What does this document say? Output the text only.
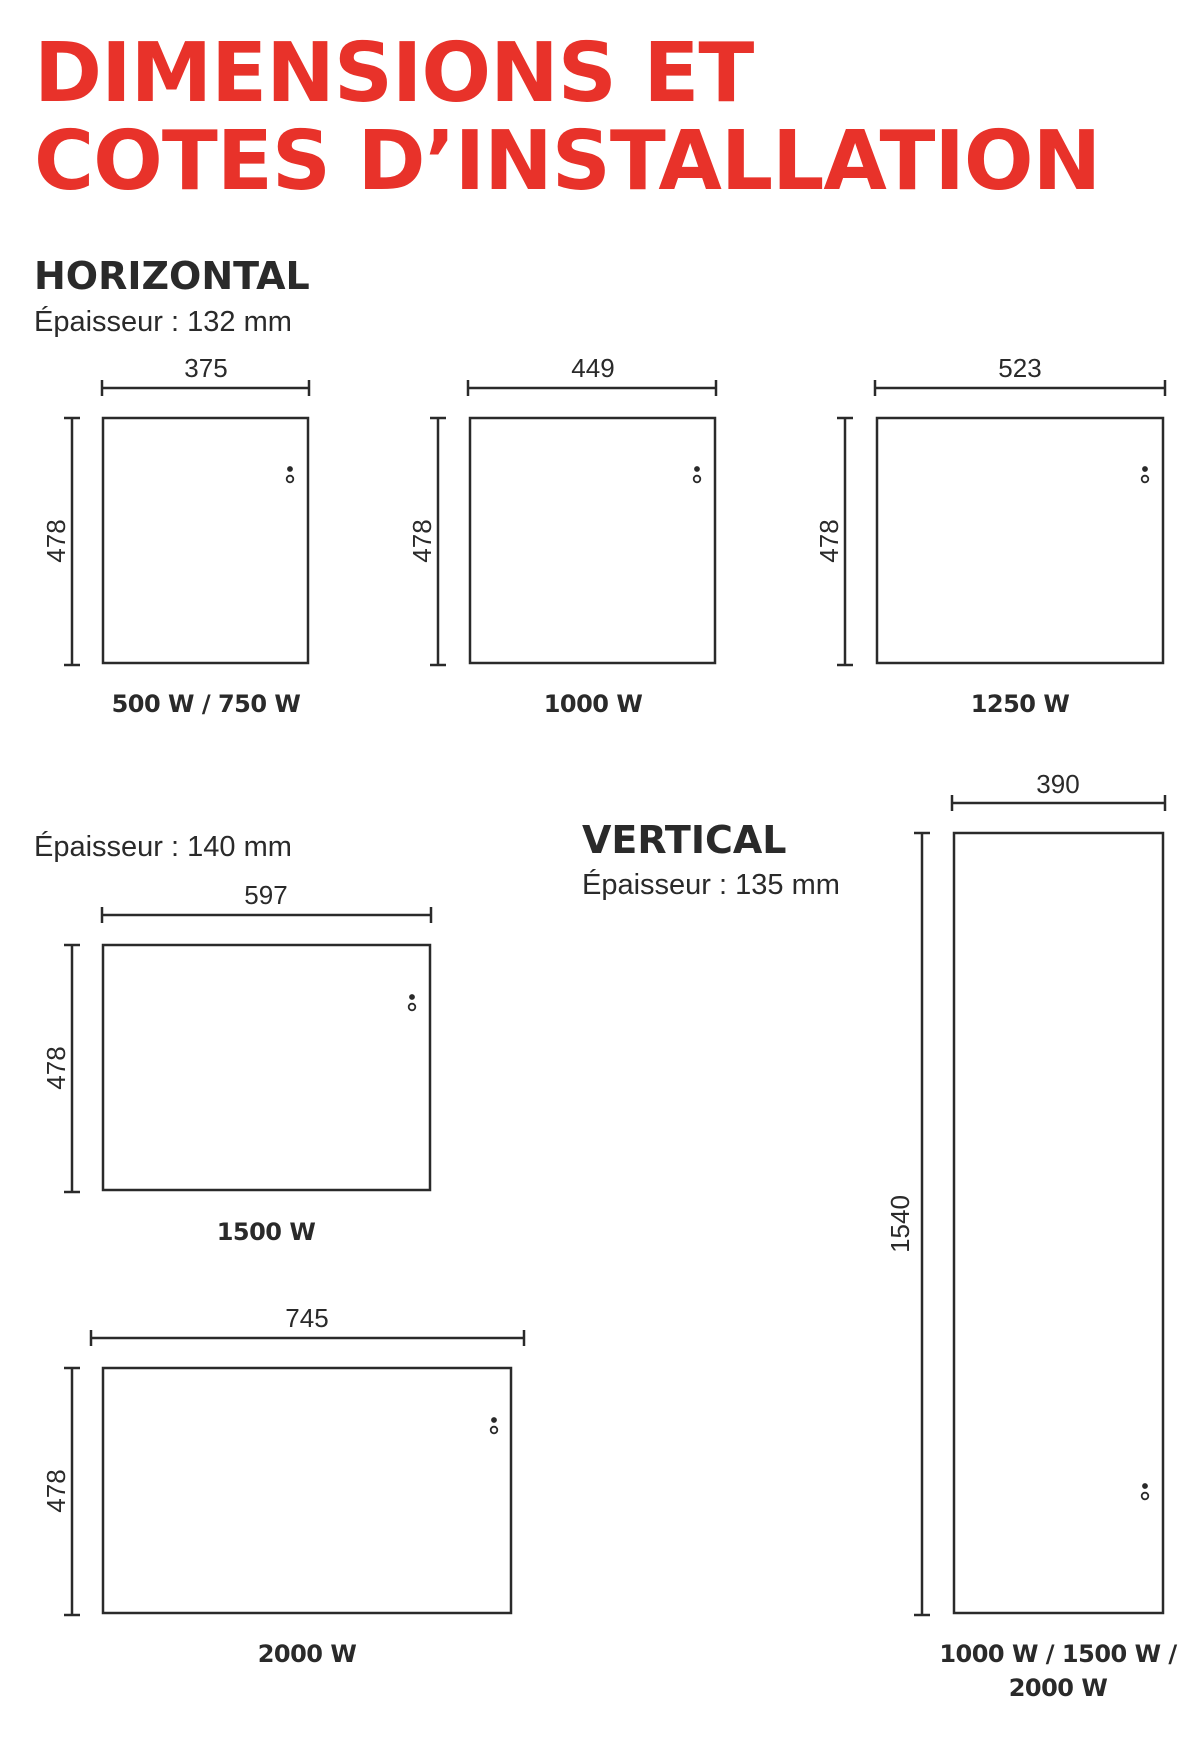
DIMENSIONS ET
COTES D’INSTALLATION
HORIZONTAL
Épaisseur : 132 mm
Épaisseur : 140 mm	VERTICAL
Épaisseur : 135 mm
375
478
500 W / 750 W
449
478
1000 W
523
478
1250 W
597
478
1500 W
745
478
2000 W
390
1540
1000 W / 1500 W /
2000 W
